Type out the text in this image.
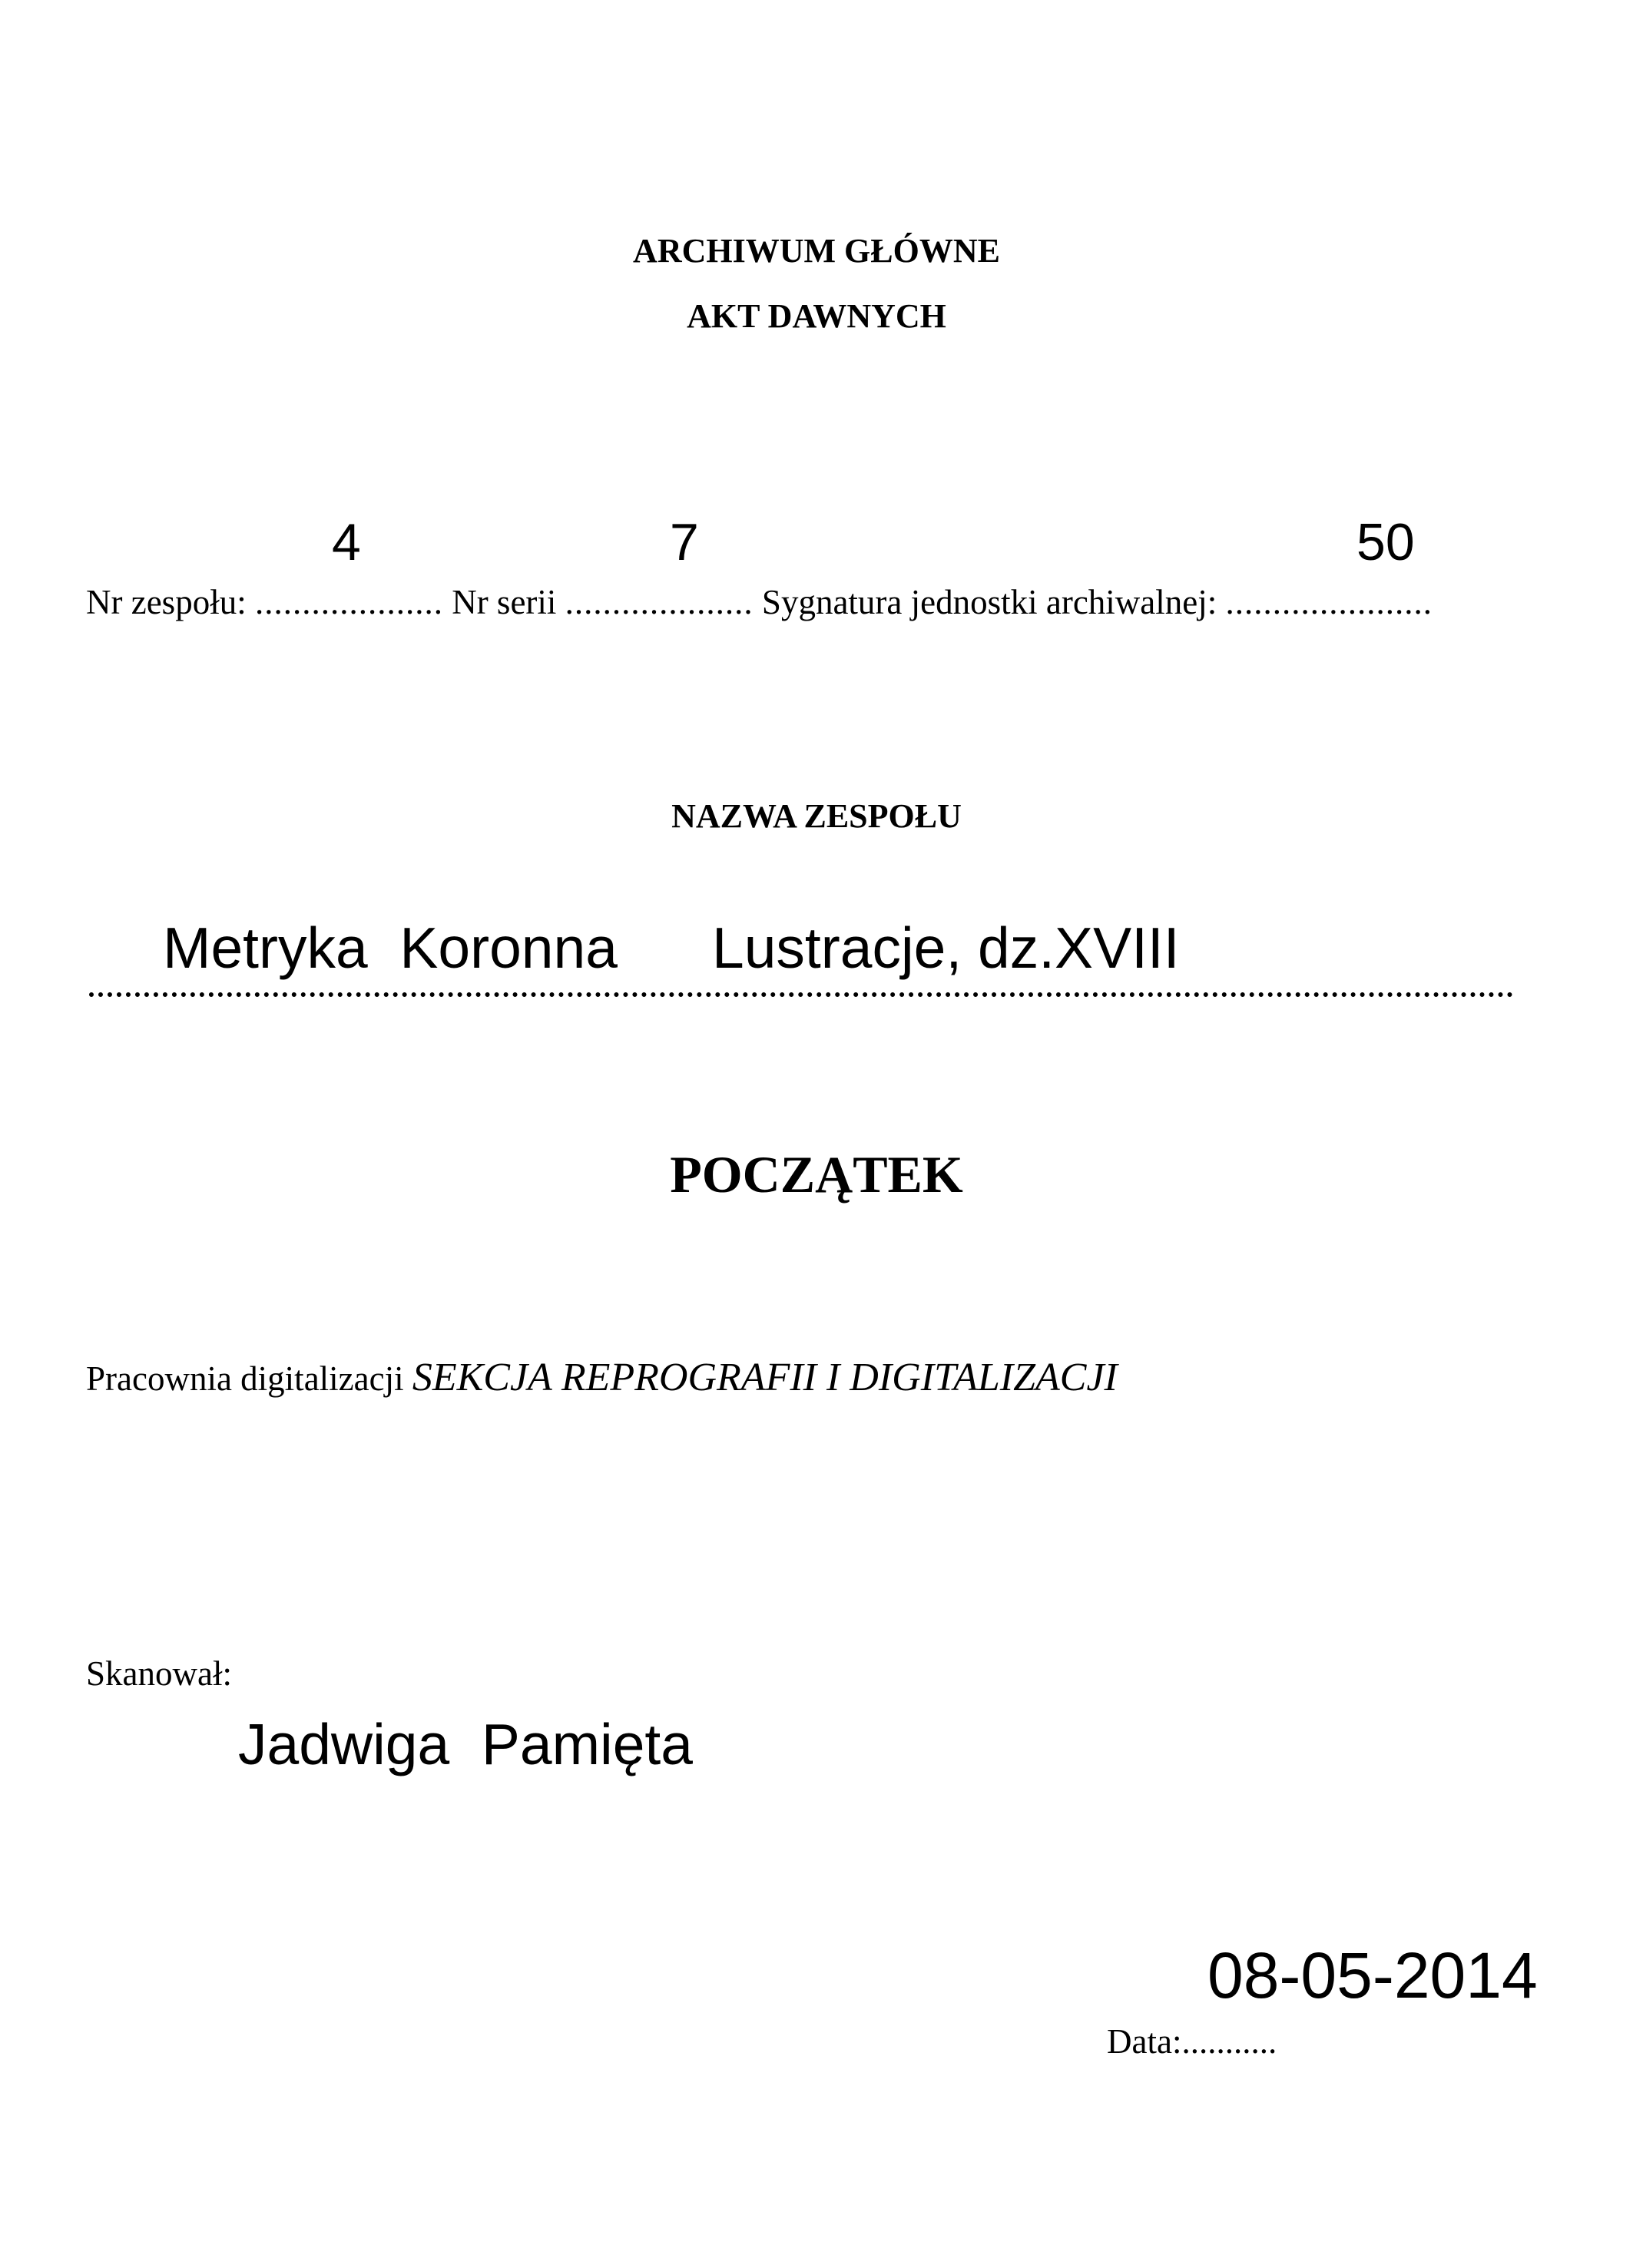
ARCHIWUM GŁÓWNE
AKT DAWNYCH
Nr zespołu: .................... Nr serii .................... Sygnatura jednostki archiwalnej: ......................
4	7	50
NAZWA ZESPOŁU
Metryka  Koronna Lustracje, dz.XVIII
POCZĄTEK
Pracownia digitalizacji SEKCJA REPROGRAFII I DIGITALIZACJI
Skanował:
Jadwiga  Pamięta
Data:...........
08-05-2014
